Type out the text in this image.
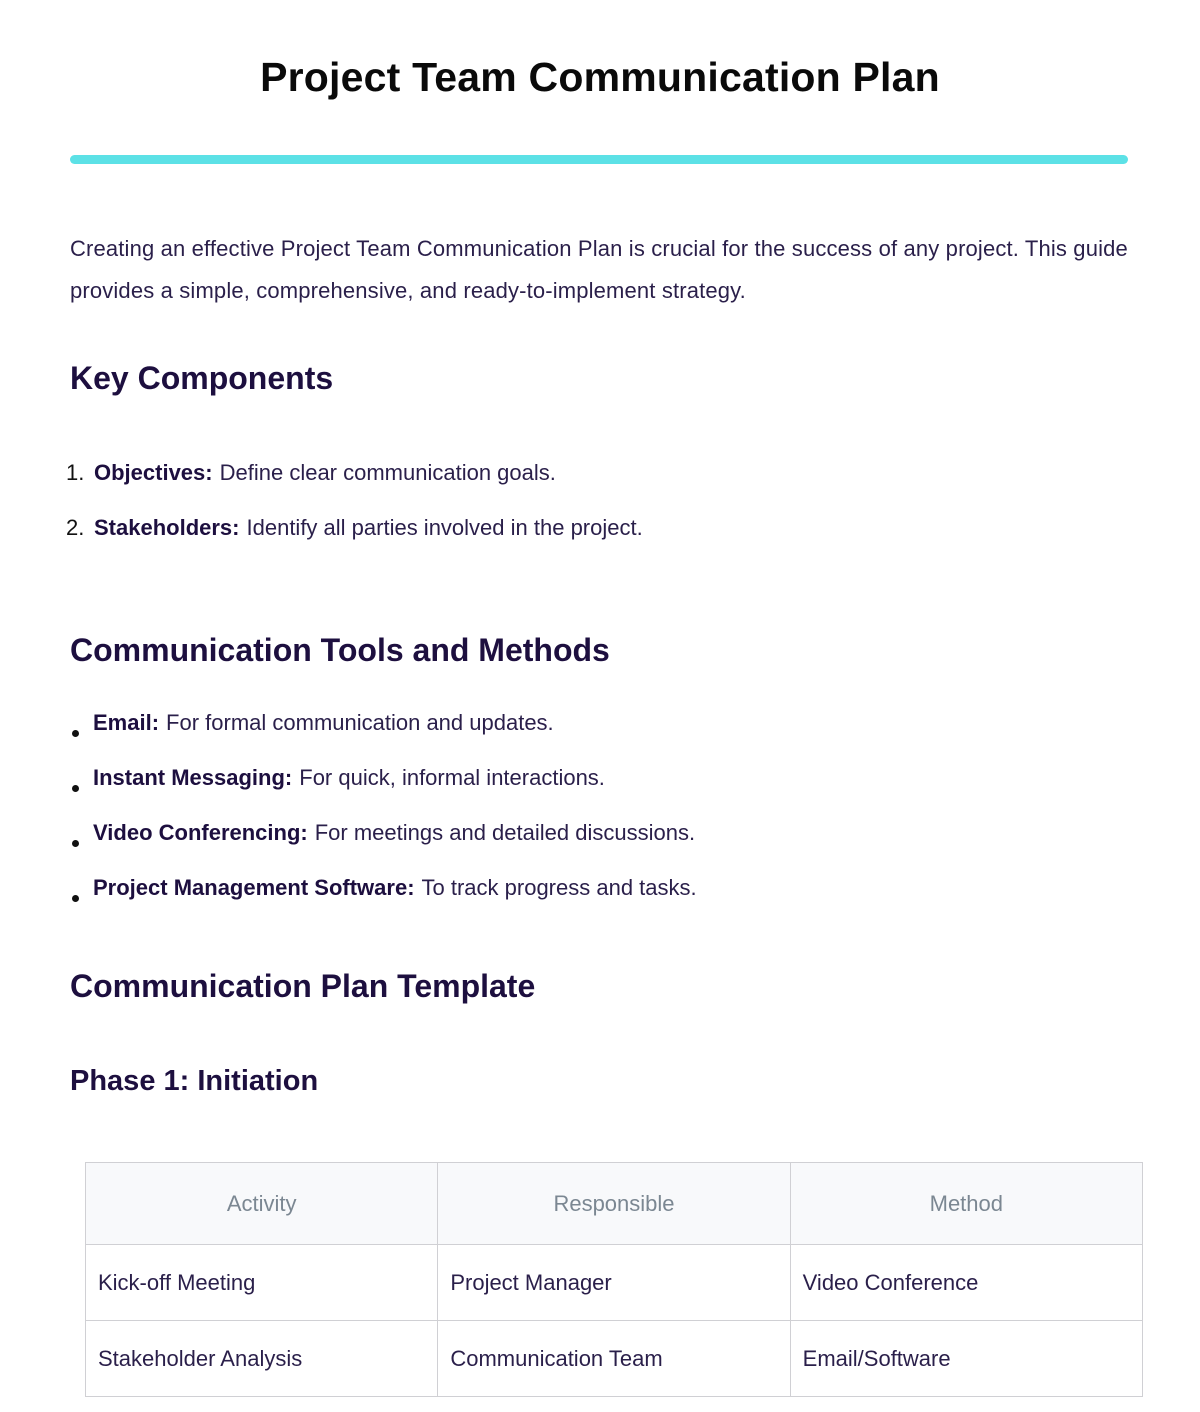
Project Team Communication Plan

Creating an effective Project Team Communication Plan is crucial for the success of any project. This guide provides a simple, comprehensive, and ready-to-implement strategy.

Key Components
1. Objectives: Define clear communication goals.
2. Stakeholders: Identify all parties involved in the project.
Communication Tools and Methods
Email: For formal communication and updates.
Instant Messaging: For quick, informal interactions.
Video Conferencing: For meetings and detailed discussions.
Project Management Software: To track progress and tasks.
Communication Plan Template
Phase 1: Initiation
Activity	Responsible	Method
Kick-off Meeting	Project Manager	Video Conference
Stakeholder Analysis	Communication Team	Email/Software
